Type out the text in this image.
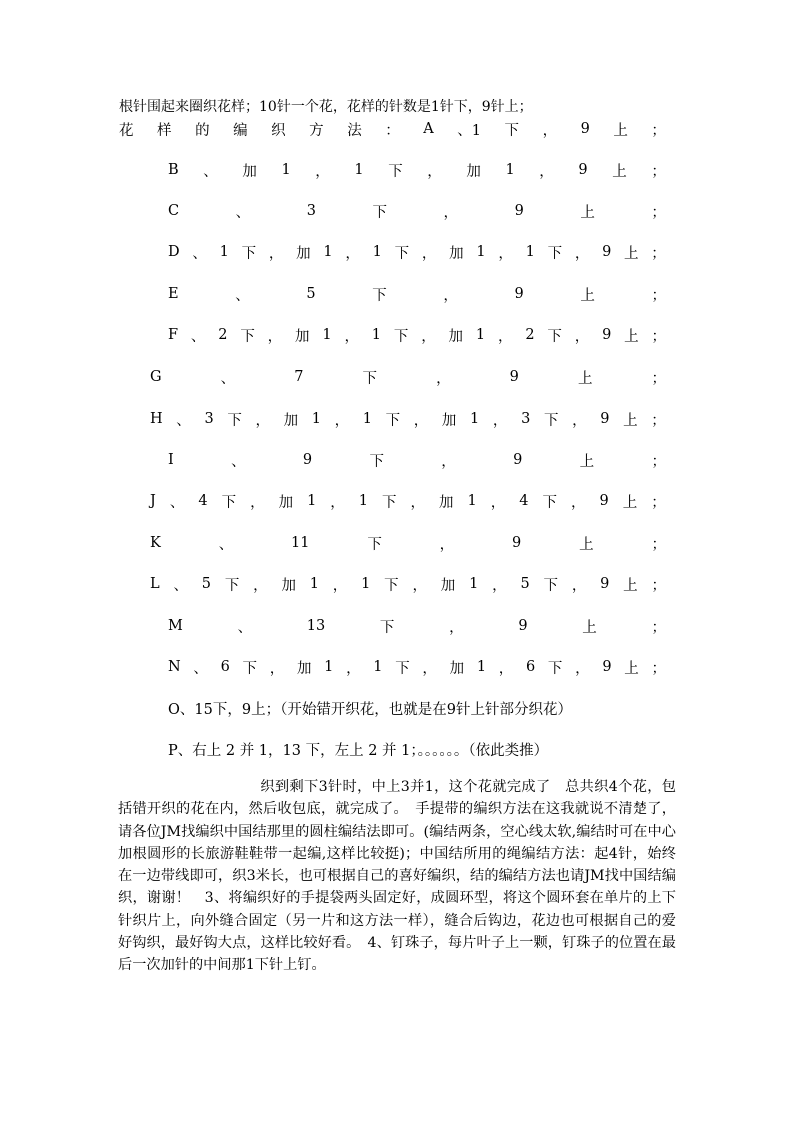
根针围起来圈织花样；10针一个花，花样的针数是1针下，9针上；
花 样 的 编 织 方 法 ： A 、1 下 ， 9 上 ；
B 、 加 1 ， 1 下 ， 加 1 ， 9 上 ；
C	、	3	下	，	9	上	；
D 、 1 下 ， 加 1 ， 1 下 ， 加 1 ， 1 下 ， 9 上 ；
E	、	5	下	，	9	上	；
F 、 2 下 ， 加 1 ， 1 下 ， 加 1 ， 2 下 ， 9 上 ；
G	、	7	下	，	9	上	；
H 、 3 下 ， 加 1 ， 1 下 ， 加 1 ， 3 下 ， 9 上 ；
I	、	9	下	，	9	上	；
J 、 4 下 ， 加 1 ， 1 下 ， 加 1 ， 4 下 ， 9 上 ；
K	、	11	下	，	9	上	；
L 、 5 下 ， 加 1 ， 1 下 ， 加 1 ， 5 下 ， 9 上 ；
M	、	13	下	，	9	上	；
N 、 6 下 ， 加 1 ， 1 下 ， 加 1 ， 6 下 ， 9 上 ；
O、15下，9上；（开始错开织花，也就是在9针上针部分织花）
P、右上 2 并 1，13 下，左上 2 并 1；。。。。。。（依此类推）
织到剩下3针时，中上3并1，这个花就完成了　总共织4个花，包括错开织的花在内，然后收包底，就完成了。　手提带的编织方法在这我就说不清楚了，请各位JM找编织中国结那里的圆柱编结法即可。(编结两条，空心线太软,编结时可在中心加根圆形的长旅游鞋鞋带一起编,这样比较挺)；中国结所用的绳编结方法：起4针，始终在一边带线即可，织3米长，也可根据自己的喜好编织，结的编结方法也请JM找中国结编织，谢谢！　3、将编织好的手提袋两头固定好，成圆环型，将这个圆环套在单片的上下针织片上，向外缝合固定（另一片和这方法一样），缝合后钩边，花边也可根据自己的爱好钩织，最好钩大点，这样比较好看。　4、钉珠子，每片叶子上一颗，钉珠子的位置在最后一次加针的中间那1下针上钉。
